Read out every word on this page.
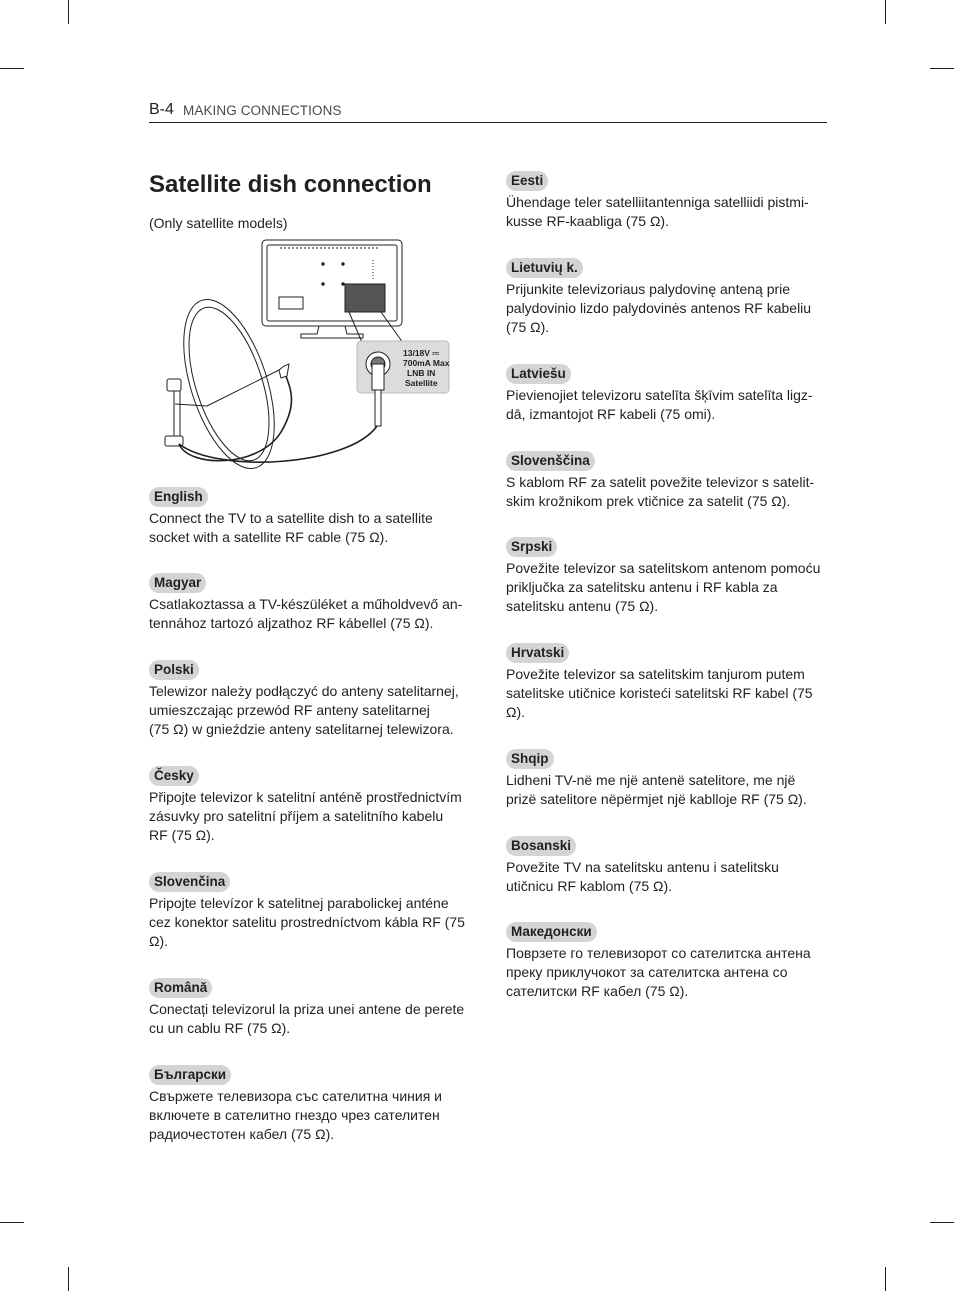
B-4 MAKING CONNECTIONS
Satellite dish connection
(Only satellite models)
13/18V ⎓
700mA Max
LNB IN
Satellite
English
Connect the TV to a satellite dish to a satellite
socket with a satellite RF cable (75 Ω).
Magyar
Csatlakoztassa a TV-készüléket a műholdvevő an-
tennához tartozó aljzathoz RF kábellel (75 Ω).
Polski
Telewizor należy podłączyć do anteny satelitarnej,
umieszczając przewód RF anteny satelitarnej
(75 Ω) w gnieździe anteny satelitarnej telewizora.
Česky
Připojte televizor k satelitní anténě prostřednictvím
zásuvky pro satelitní příjem a satelitního kabelu
RF (75 Ω).
Slovenčina
Pripojte televízor k satelitnej parabolickej anténe
cez konektor satelitu prostredníctvom kábla RF (75
Ω).
Română
Conectați televizorul la priza unei antene de perete
cu un cablu RF (75 Ω).
Български
Свържете телевизора със сателитна чиния и
включете в сателитно гнездо чрез сателитен
радиочестотен кабел (75 Ω).
Eesti
Ühendage teler satelliitantenniga satelliidi pistmi-
kusse RF-kaabliga (75 Ω).
Lietuvių k.
Prijunkite televizoriaus palydovinę anteną prie
palydovinio lizdo palydovinės antenos RF kabeliu
(75 Ω).
Latviešu
Pievienojiet televizoru satelīta šķīvim satelīta ligz-
dā, izmantojot RF kabeli (75 omi).
Slovenščina
S kablom RF za satelit povežite televizor s satelit-
skim krožnikom prek vtičnice za satelit (75 Ω).
Srpski
Povežite televizor sa satelitskom antenom pomoću
priključka za satelitsku antenu i RF kabla za
satelitsku antenu (75 Ω).
Hrvatski
Povežite televizor sa satelitskim tanjurom putem
satelitske utičnice koristeći satelitski RF kabel (75
Ω).
Shqip
Lidheni TV-në me një antenë satelitore, me një
prizë satelitore nëpërmjet një kablloje RF (75 Ω).
Bosanski
Povežite TV na satelitsku antenu i satelitsku
utičnicu RF kablom (75 Ω).
Македонски
Поврзете го телевизорот со сателитска антена
преку приклучокот за сателитска антена со
сателитски RF кабел (75 Ω).
